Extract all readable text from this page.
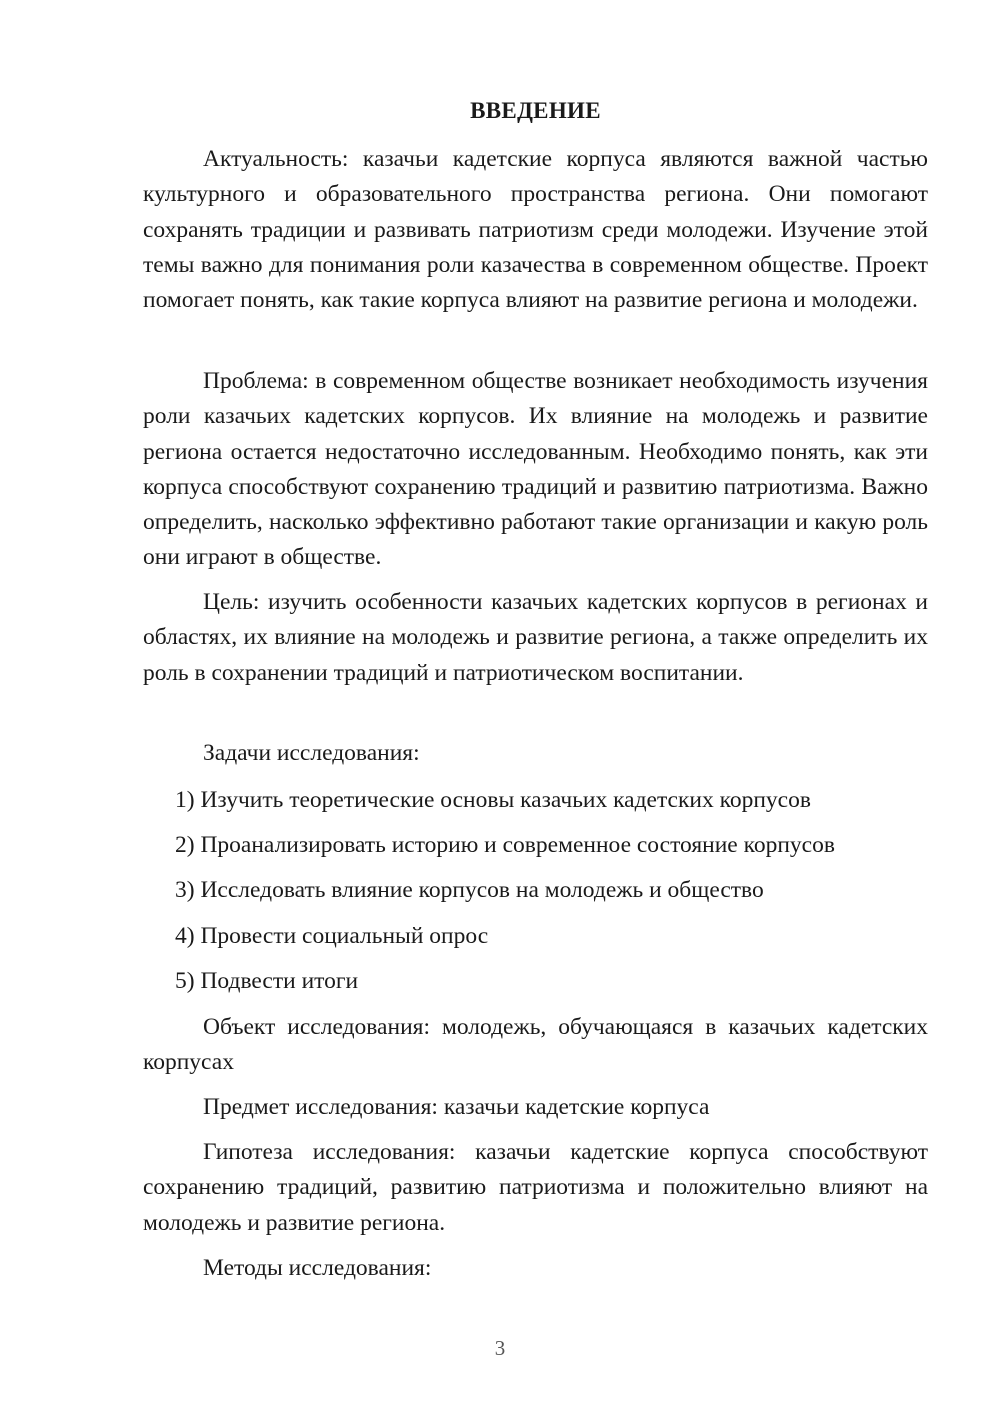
ВВЕДЕНИЕ

Актуальность: казачьи кадетские корпуса являются важной частью культурного и образовательного пространства региона. Они помогают сохранять традиции и развивать патриотизм среди молодежи. Изучение этой темы важно для понимания роли казачества в современном обществе. Проект помогает понять, как такие корпуса влияют на развитие региона и молодежи.

Проблема: в современном обществе возникает необходимость изучения роли казачьих кадетских корпусов. Их влияние на молодежь и развитие региона остается недостаточно исследованным. Необходимо понять, как эти корпуса способствуют сохранению традиций и развитию патриотизма. Важно определить, насколько эффективно работают такие организации и какую роль они играют в обществе.

Цель: изучить особенности казачьих кадетских корпусов в регионах и областях, их влияние на молодежь и развитие региона, а также определить их роль в сохранении традиций и патриотическом воспитании.

Задачи исследования:

1) Изучить теоретические основы казачьих кадетских корпусов

2) Проанализировать историю и современное состояние корпусов

3) Исследовать влияние корпусов на молодежь и общество

4) Провести социальный опрос

5) Подвести итоги

Объект исследования: молодежь, обучающаяся в казачьих кадетских корпусах

Предмет исследования: казачьи кадетские корпуса

Гипотеза исследования: казачьи кадетские корпуса способствуют сохранению традиций, развитию патриотизма и положительно влияют на молодежь и развитие региона.

Методы исследования:

3
